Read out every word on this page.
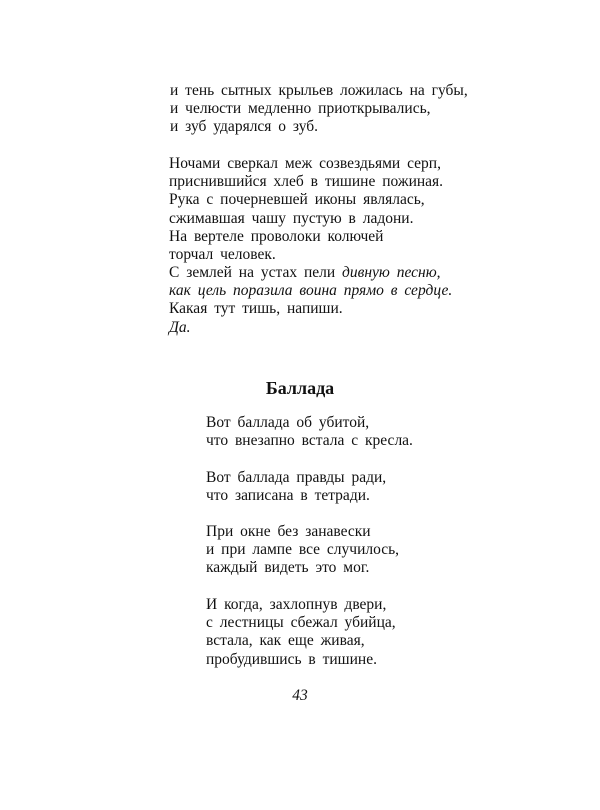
и тень сытных крыльев ложилась на губы,
и челюсти медленно приоткрывались,
и зуб ударялся о зуб.
Ночами сверкал меж созвездьями серп,
приснившийся хлеб в тишине пожиная.
Рука с почерневшей иконы являлась,
сжимавшая чашу пустую в ладони.
На вертеле проволоки колючей
торчал человек.
С землей на устах пели дивную песню,
как цель поразила воина прямо в сердце.
Какая тут тишь, напиши.
Да.
Баллада
Вот баллада об убитой,
что внезапно встала с кресла.
Вот баллада правды ради,
что записана в тетради.
При окне без занавески
и при лампе все случилось,
каждый видеть это мог.
И когда, захлопнув двери,
с лестницы сбежал убийца,
встала, как еще живая,
пробудившись в тишине.
43
